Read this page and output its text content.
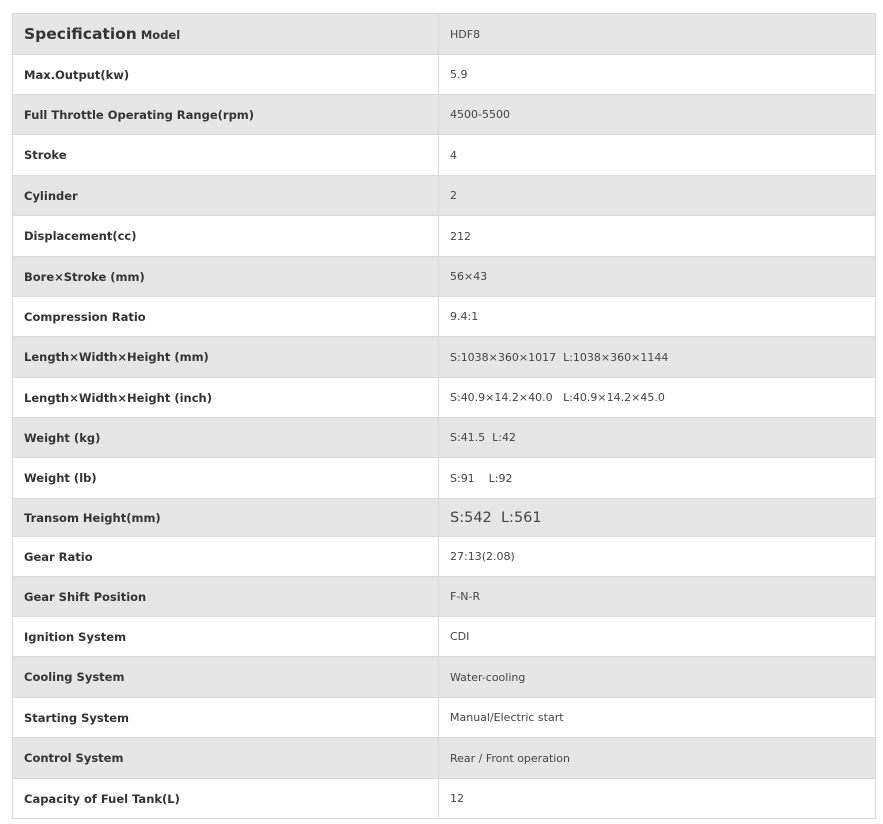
Specification Model	HDF8
Max.Output(kw)	5.9
Full Throttle Operating Range(rpm)	4500-5500
Stroke	4
Cylinder	2
Displacement(cc)	212
Bore×Stroke (mm)	56×43
Compression Ratio	9.4:1
Length×Width×Height (mm)	S:1038×360×1017  L:1038×360×1144
Length×Width×Height (inch)	S:40.9×14.2×40.0   L:40.9×14.2×45.0
Weight (kg)	S:41.5  L:42
Weight (lb)	S:91    L:92
Transom Height(mm)	S:542  L:561
Gear Ratio	27:13(2.08)
Gear Shift Position	F-N-R
Ignition System	CDI
Cooling System	Water-cooling
Starting System	Manual/Electric start
Control System	Rear / Front operation
Capacity of Fuel Tank(L)	12
